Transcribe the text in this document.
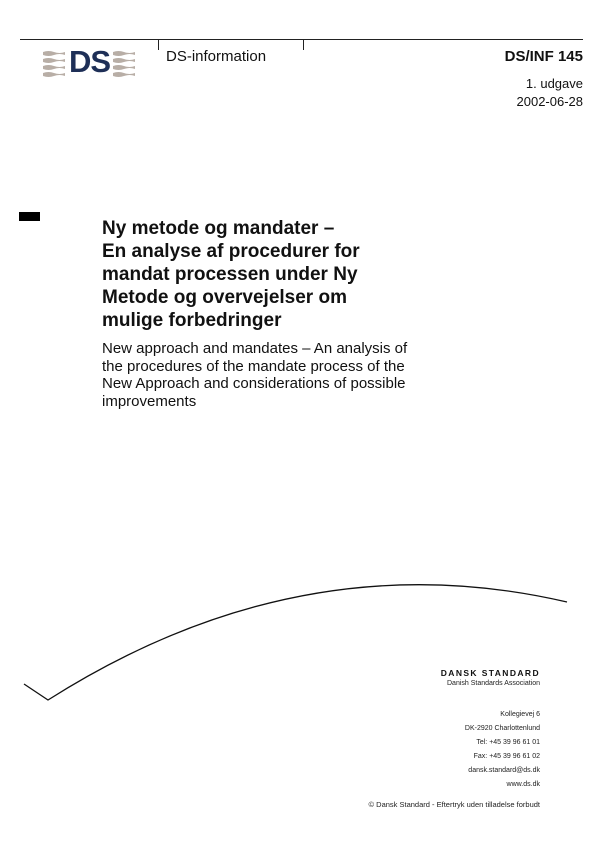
DS	DS-information	DS/INF 145
1. udgave
2002-06-28
Ny metode og mandater –
En analyse af procedurer for
mandat processen under Ny
Metode og overvejelser om
mulige forbedringer
New approach and mandates – An analysis of
the procedures of the mandate process of the
New Approach and considerations of possible
improvements
DANSK STANDARD
Danish Standards Association
Kollegievej 6
DK-2920 Charlottenlund
Tel: +45 39 96 61 01
Fax: +45 39 96 61 02
dansk.standard@ds.dk
www.ds.dk
© Dansk Standard - Eftertryk uden tilladelse forbudt
